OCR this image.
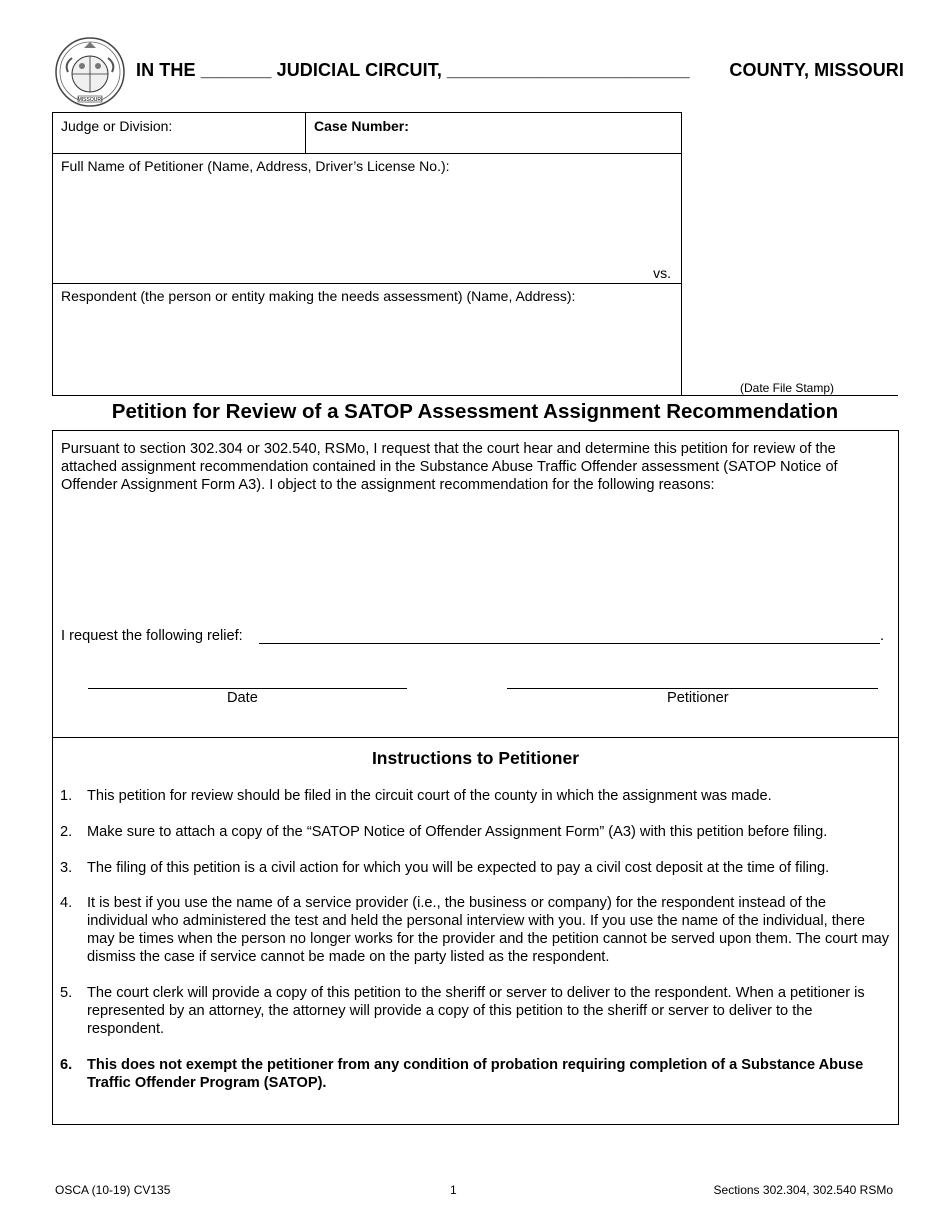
MISSOURI
IN THE _______ JUDICIAL CIRCUIT, ________________________ COUNTY, MISSOURI
Judge or Division:	Case Number:
Full Name of Petitioner (Name, Address, Driver’s License No.):
vs.
Respondent (the person or entity making the needs assessment) (Name, Address):
(Date File Stamp)
Petition for Review of a SATOP Assessment Assignment Recommendation
Pursuant to section 302.304 or 302.540, RSMo, I request that the court hear and determine this petition for review of the attached assignment recommendation contained in the Substance Abuse Traffic Offender assessment (SATOP Notice of Offender Assignment Form A3). I object to the assignment recommendation for the following reasons:
I request the following relief:	.
Date	Petitioner
Instructions to Petitioner
1.	This petition for review should be filed in the circuit court of the county in which the assignment was made.
2.	Make sure to attach a copy of the “SATOP Notice of Offender Assignment Form” (A3) with this petition before filing.
3.	The filing of this petition is a civil action for which you will be expected to pay a civil cost deposit at the time of filing.
4.	It is best if you use the name of a service provider (i.e., the business or company) for the respondent instead of the individual who administered the test and held the personal interview with you. If you use the name of the individual, there may be times when the person no longer works for the provider and the petition cannot be served upon them. The court may dismiss the case if service cannot be made on the party listed as the respondent.
5.	The court clerk will provide a copy of this petition to the sheriff or server to deliver to the respondent. When a petitioner is represented by an attorney, the attorney will provide a copy of this petition to the sheriff or server to deliver to the respondent.
6.	This does not exempt the petitioner from any condition of probation requiring completion of a Substance Abuse Traffic Offender Program (SATOP).
OSCA (10-19) CV135	1	Sections 302.304, 302.540 RSMo
